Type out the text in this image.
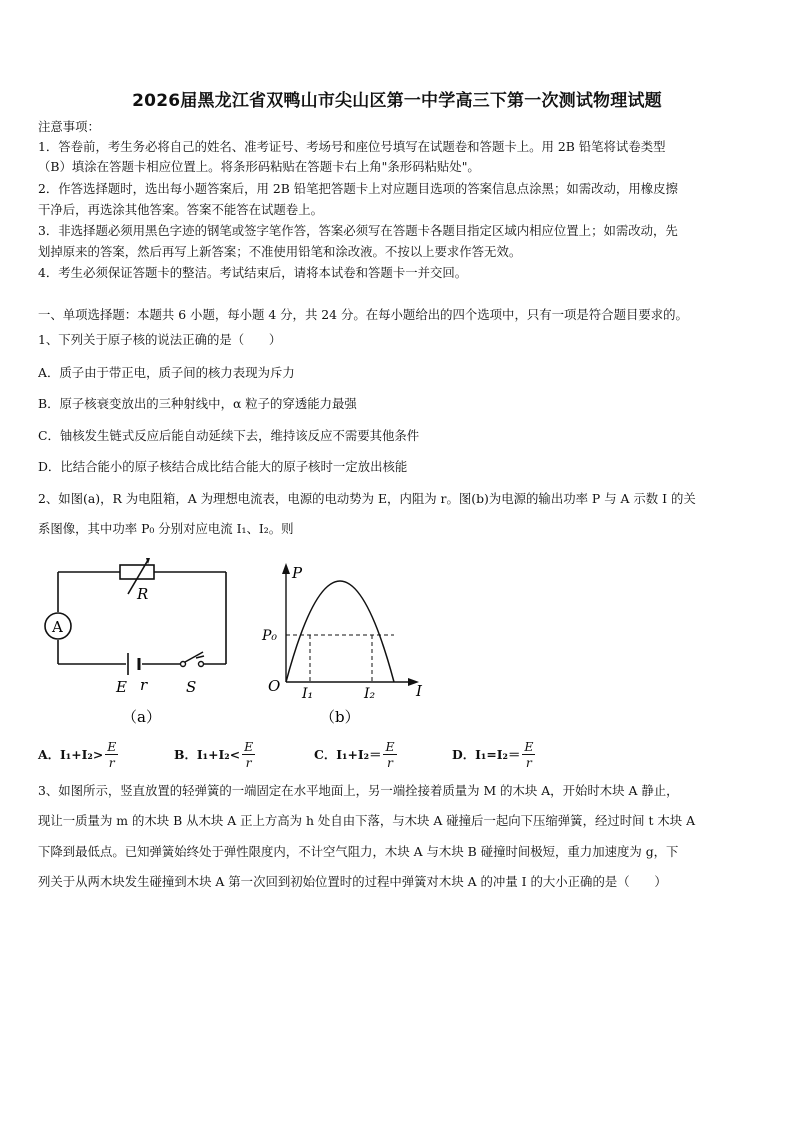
2026届黑龙江省双鸭山市尖山区第一中学高三下第一次测试物理试题
注意事项：
1．答卷前，考生务必将自己的姓名、准考证号、考场号和座位号填写在试题卷和答题卡上。用 2B 铅笔将试卷类型
（B）填涂在答题卡相应位置上。将条形码粘贴在答题卡右上角"条形码粘贴处"。
2．作答选择题时，选出每小题答案后，用 2B 铅笔把答题卡上对应题目选项的答案信息点涂黑；如需改动，用橡皮擦
干净后，再选涂其他答案。答案不能答在试题卷上。
3．非选择题必须用黑色字迹的钢笔或签字笔作答，答案必须写在答题卡各题目指定区域内相应位置上；如需改动，先
划掉原来的答案，然后再写上新答案；不准使用铅笔和涂改液。不按以上要求作答无效。
4．考生必须保证答题卡的整洁。考试结束后，请将本试卷和答题卡一并交回。
一、单项选择题：本题共 6 小题，每小题 4 分，共 24 分。在每小题给出的四个选项中，只有一项是符合题目要求的。
1、下列关于原子核的说法正确的是（　　）
A．质子由于带正电，质子间的核力表现为斥力
B．原子核衰变放出的三种射线中，α 粒子的穿透能力最强
C．铀核发生链式反应后能自动延续下去，维持该反应不需要其他条件
D．比结合能小的原子核结合成比结合能大的原子核时一定放出核能
2、如图(a)，R 为电阻箱，A 为理想电流表，电源的电动势为 E，内阻为 r。图(b)为电源的输出功率 P 与 A 示数 I 的关
系图像，其中功率 P₀ 分别对应电流 I₁、I₂。则
R
A
E r	S
（a）
P
I
O
P₀
I₁	I₂
（b）
A．$I_1+I_2> \frac{E}{r}$	B．$I_1+I_2< \frac{E}{r}$	C．$I_1+I_2= \frac{E}{r}$	D．$I_1=I_2= \frac{E}{r}$
3、如图所示，竖直放置的轻弹簧的一端固定在水平地面上，另一端拴接着质量为 M 的木块 A，开始时木块 A 静止，
现让一质量为 m 的木块 B 从木块 A 正上方高为 h 处自由下落，与木块 A 碰撞后一起向下压缩弹簧，经过时间 t 木块 A
下降到最低点。已知弹簧始终处于弹性限度内，不计空气阻力，木块 A 与木块 B 碰撞时间极短，重力加速度为 g，下
列关于从两木块发生碰撞到木块 A 第一次回到初始位置时的过程中弹簧对木块 A 的冲量 I 的大小正确的是（　　）
